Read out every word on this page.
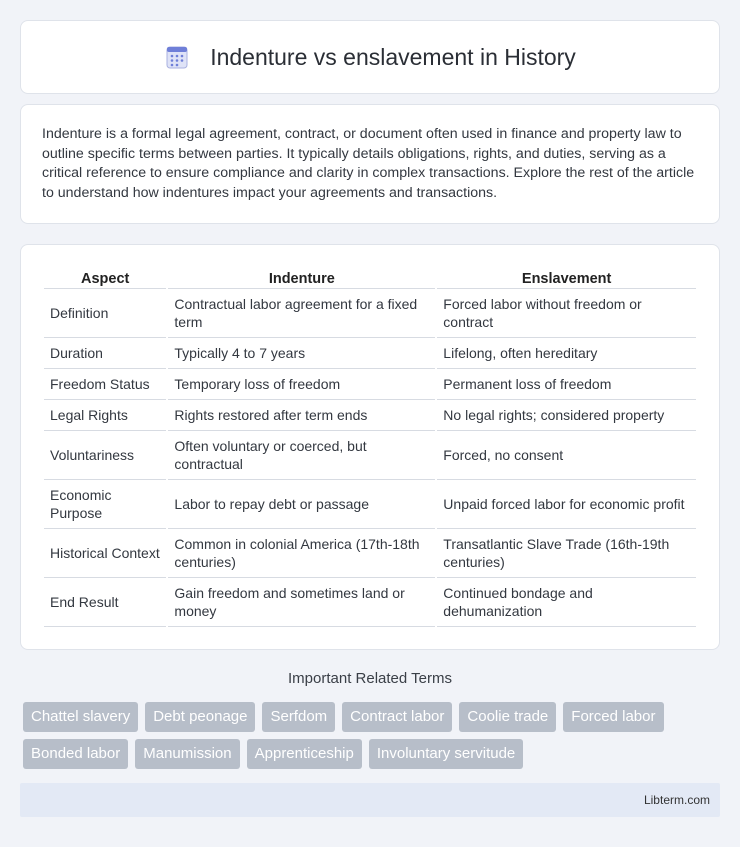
Indenture vs enslavement in History

Indenture is a formal legal agreement, contract, or document often used in finance and property law to outline specific terms between parties. It typically details obligations, rights, and duties, serving as a critical reference to ensure compliance and clarity in complex transactions. Explore the rest of the article to understand how indentures impact your agreements and transactions.

Aspect	Indenture	Enslavement
Definition	Contractual labor agreement for a fixed term	Forced labor without freedom or contract
Duration	Typically 4 to 7 years	Lifelong, often hereditary
Freedom Status	Temporary loss of freedom	Permanent loss of freedom
Legal Rights	Rights restored after term ends	No legal rights; considered property
Voluntariness	Often voluntary or coerced, but contractual	Forced, no consent
Economic Purpose	Labor to repay debt or passage	Unpaid forced labor for economic profit
Historical Context	Common in colonial America (17th-18th centuries)	Transatlantic Slave Trade (16th-19th centuries)
End Result	Gain freedom and sometimes land or money	Continued bondage and dehumanization
Important Related Terms
Chattel slavery	Debt peonage	Serfdom	Contract labor	Coolie trade	Forced labor
Bonded labor	Manumission	Apprenticeship	Involuntary servitude
Libterm.com
